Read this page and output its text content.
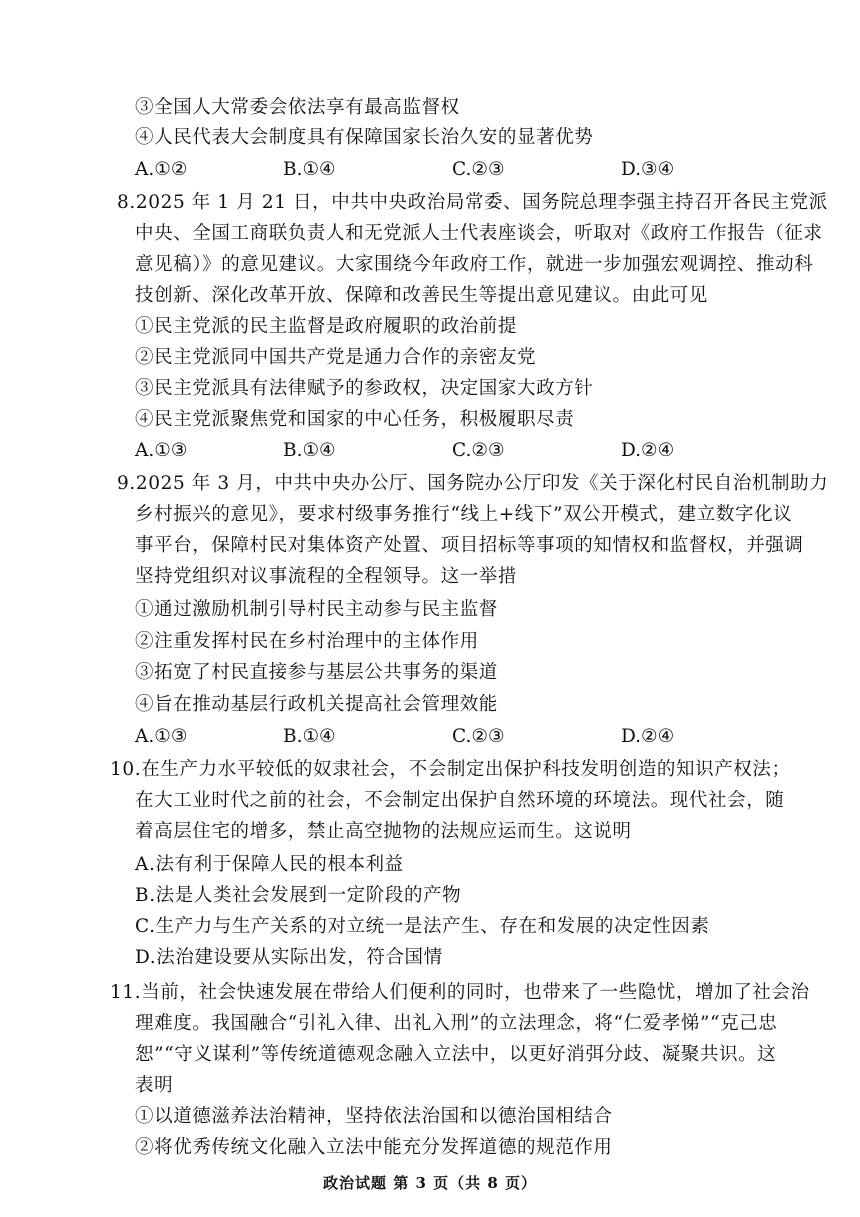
③全国人大常委会依法享有最高监督权
④人民代表大会制度具有保障国家长治久安的显著优势
A.①②	B.①④	C.②③	D.③④
8.2025 年 1 月 21 日，中共中央政治局常委、国务院总理李强主持召开各民主党派
中央、全国工商联负责人和无党派人士代表座谈会，听取对《政府工作报告（征求
意见稿）》的意见建议。大家围绕今年政府工作，就进一步加强宏观调控、推动科
技创新、深化改革开放、保障和改善民生等提出意见建议。由此可见
①民主党派的民主监督是政府履职的政治前提
②民主党派同中国共产党是通力合作的亲密友党
③民主党派具有法律赋予的参政权，决定国家大政方针
④民主党派聚焦党和国家的中心任务，积极履职尽责
A.①③	B.①④	C.②③	D.②④
9.2025 年 3 月，中共中央办公厅、国务院办公厅印发《关于深化村民自治机制助力
乡村振兴的意见》，要求村级事务推行“线上+线下”双公开模式，建立数字化议
事平台，保障村民对集体资产处置、项目招标等事项的知情权和监督权，并强调
坚持党组织对议事流程的全程领导。这一举措
①通过激励机制引导村民主动参与民主监督
②注重发挥村民在乡村治理中的主体作用
③拓宽了村民直接参与基层公共事务的渠道
④旨在推动基层行政机关提高社会管理效能
A.①③	B.①④	C.②③	D.②④
10.在生产力水平较低的奴隶社会，不会制定出保护科技发明创造的知识产权法；
在大工业时代之前的社会，不会制定出保护自然环境的环境法。现代社会，随
着高层住宅的增多，禁止高空抛物的法规应运而生。这说明
A.法有利于保障人民的根本利益
B.法是人类社会发展到一定阶段的产物
C.生产力与生产关系的对立统一是法产生、存在和发展的决定性因素
D.法治建设要从实际出发，符合国情
11.当前，社会快速发展在带给人们便利的同时，也带来了一些隐忧，增加了社会治
理难度。我国融合“引礼入律、出礼入刑”的立法理念，将“仁爱孝悌”“克己忠
恕”“守义谋利”等传统道德观念融入立法中，以更好消弭分歧、凝聚共识。这
表明
①以道德滋养法治精神，坚持依法治国和以德治国相结合
②将优秀传统文化融入立法中能充分发挥道德的规范作用
政治试题 第 3 页（共 8 页）
